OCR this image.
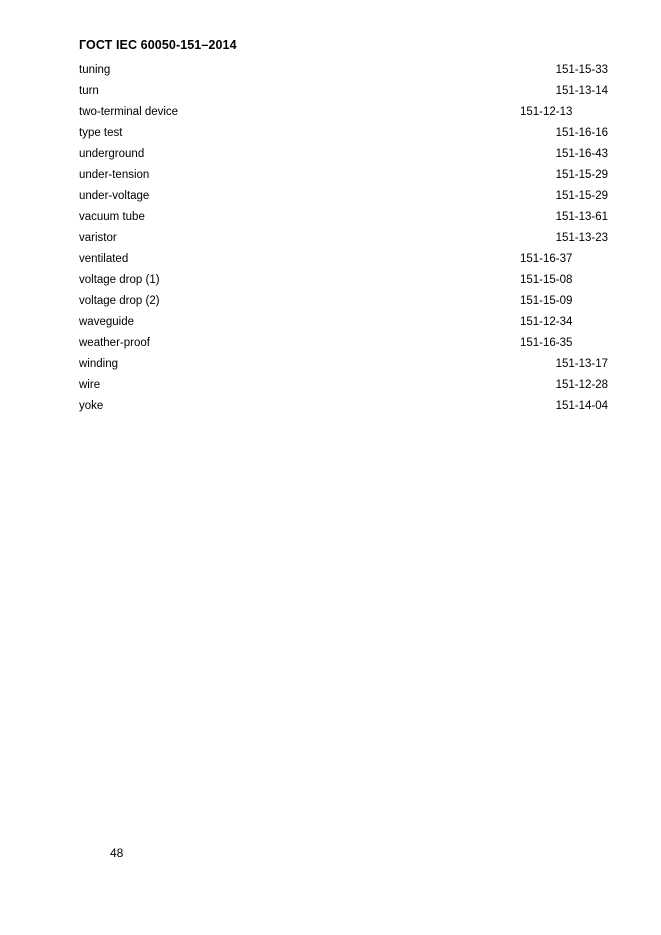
ГОСТ IEC 60050-151–2014
tuning	151-15-33
turn	151-13-14
two-terminal device	151-12-13
type test	151-16-16
underground	151-16-43
under-tension	151-15-29
under-voltage	151-15-29
vacuum tube	151-13-61
varistor	151-13-23
ventilated	151-16-37
voltage drop (1)	151-15-08
voltage drop (2)	151-15-09
waveguide	151-12-34
weather-proof	151-16-35
winding	151-13-17
wire	151-12-28
yoke	151-14-04
48
